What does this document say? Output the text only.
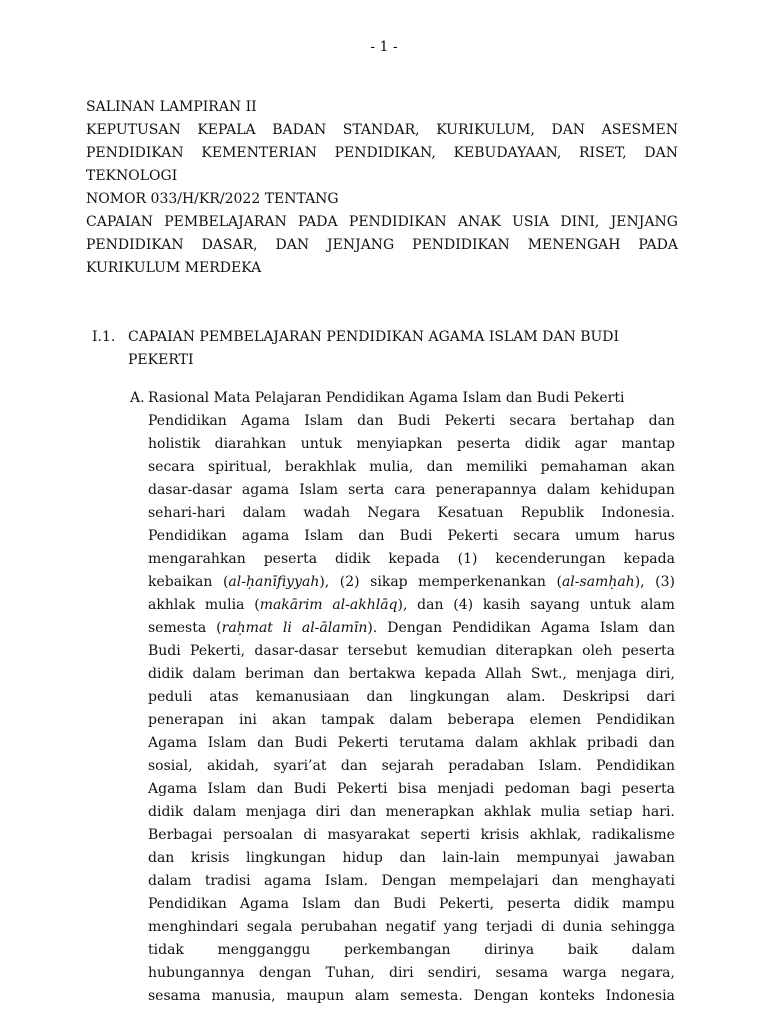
- 1 -
SALINAN LAMPIRAN II
KEPUTUSAN KEPALA BADAN STANDAR, KURIKULUM, DAN ASESMEN
PENDIDIKAN KEMENTERIAN PENDIDIKAN, KEBUDAYAAN, RISET, DAN
TEKNOLOGI
NOMOR 033/H/KR/2022 TENTANG
CAPAIAN PEMBELAJARAN PADA PENDIDIKAN ANAK USIA DINI, JENJANG
PENDIDIKAN DASAR, DAN JENJANG PENDIDIKAN MENENGAH PADA
KURIKULUM MERDEKA
I.1. CAPAIAN PEMBELAJARAN PENDIDIKAN AGAMA ISLAM DAN BUDI
PEKERTI
A. Rasional Mata Pelajaran Pendidikan Agama Islam dan Budi Pekerti
Pendidikan Agama Islam dan Budi Pekerti secara bertahap dan
holistik diarahkan untuk menyiapkan peserta didik agar mantap
secara spiritual, berakhlak mulia, dan memiliki pemahaman akan
dasar-dasar agama Islam serta cara penerapannya dalam kehidupan
sehari-hari dalam wadah Negara Kesatuan Republik Indonesia.
Pendidikan agama Islam dan Budi Pekerti secara umum harus
mengarahkan peserta didik kepada (1) kecenderungan kepada
kebaikan (al-ḥanīfiyyah), (2) sikap memperkenankan (al-samḥah), (3)
akhlak mulia (makārim al-akhlāq), dan (4) kasih sayang untuk alam
semesta (raḥmat li al-ālamīn). Dengan Pendidikan Agama Islam dan
Budi Pekerti, dasar-dasar tersebut kemudian diterapkan oleh peserta
didik dalam beriman dan bertakwa kepada Allah Swt., menjaga diri,
peduli atas kemanusiaan dan lingkungan alam. Deskripsi dari
penerapan ini akan tampak dalam beberapa elemen Pendidikan
Agama Islam dan Budi Pekerti terutama dalam akhlak pribadi dan
sosial, akidah, syari’at dan sejarah peradaban Islam. Pendidikan
Agama Islam dan Budi Pekerti bisa menjadi pedoman bagi peserta
didik dalam menjaga diri dan menerapkan akhlak mulia setiap hari.
Berbagai persoalan di masyarakat seperti krisis akhlak, radikalisme
dan krisis lingkungan hidup dan lain-lain mempunyai jawaban
dalam tradisi agama Islam. Dengan mempelajari dan menghayati
Pendidikan Agama Islam dan Budi Pekerti, peserta didik mampu
menghindari segala perubahan negatif yang terjadi di dunia sehingga
tidak mengganggu perkembangan dirinya baik dalam
hubungannya dengan Tuhan, diri sendiri, sesama warga negara,
sesama manusia, maupun alam semesta. Dengan konteks Indonesia
